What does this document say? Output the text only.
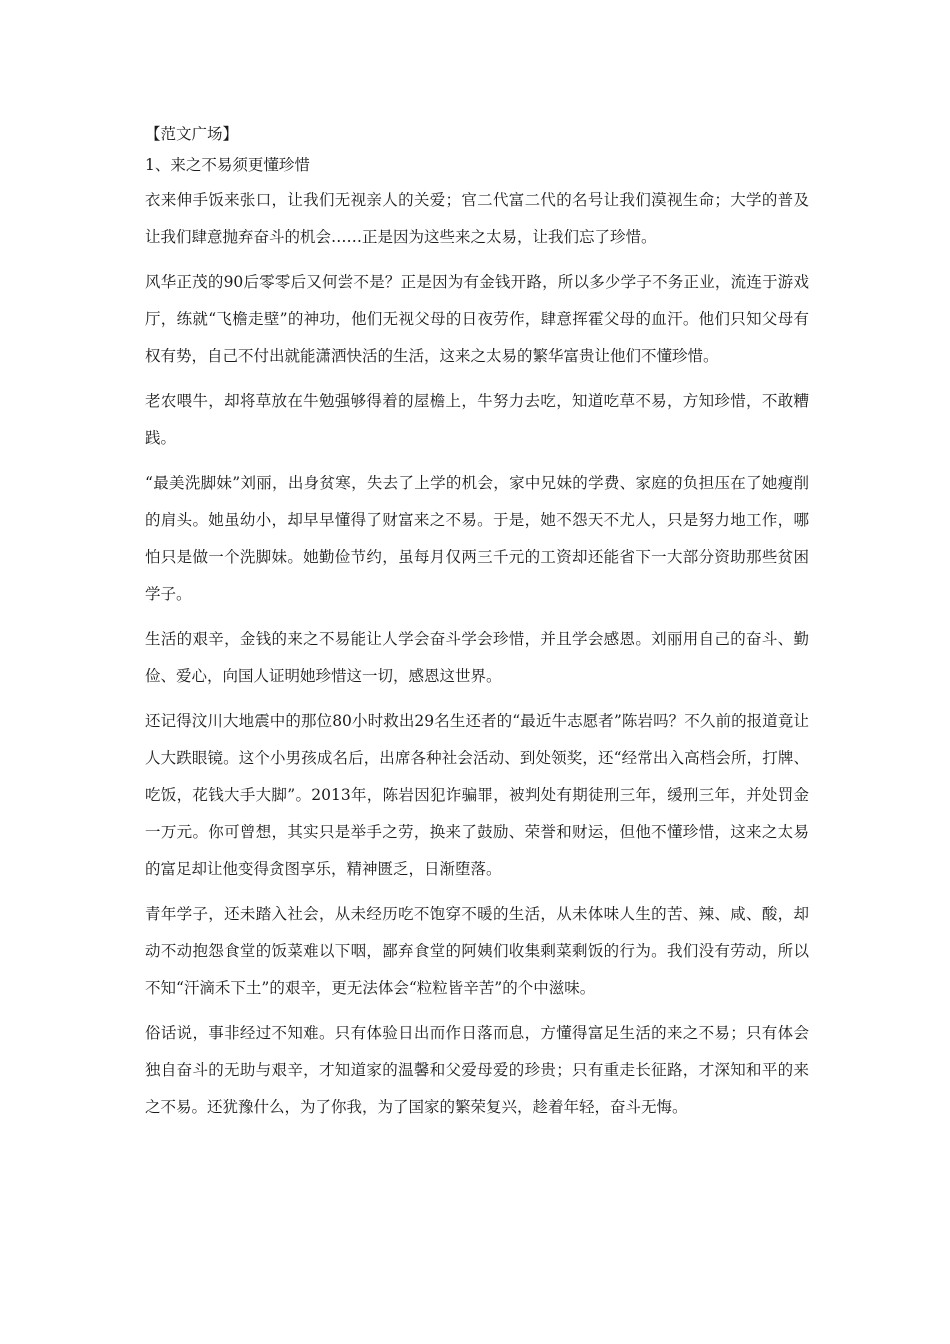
【范文广场】

1、来之不易须更懂珍惜

衣来伸手饭来张口，让我们无视亲人的关爱；官二代富二代的名号让我们漠视生命；大学的普及让我们肆意抛弃奋斗的机会……正是因为这些来之太易，让我们忘了珍惜。

风华正茂的90后零零后又何尝不是？正是因为有金钱开路，所以多少学子不务正业，流连于游戏厅，练就“飞檐走壁”的神功，他们无视父母的日夜劳作，肆意挥霍父母的血汗。他们只知父母有权有势，自己不付出就能潇洒快活的生活，这来之太易的繁华富贵让他们不懂珍惜。

老农喂牛，却将草放在牛勉强够得着的屋檐上，牛努力去吃，知道吃草不易，方知珍惜，不敢糟践。

“最美洗脚妹”刘丽，出身贫寒，失去了上学的机会，家中兄妹的学费、家庭的负担压在了她瘦削的肩头。她虽幼小，却早早懂得了财富来之不易。于是，她不怨天不尤人，只是努力地工作，哪怕只是做一个洗脚妹。她勤俭节约，虽每月仅两三千元的工资却还能省下一大部分资助那些贫困学子。

生活的艰辛，金钱的来之不易能让人学会奋斗学会珍惜，并且学会感恩。刘丽用自己的奋斗、勤俭、爱心，向国人证明她珍惜这一切，感恩这世界。

还记得汶川大地震中的那位80小时救出29名生还者的“最近牛志愿者”陈岩吗？不久前的报道竟让人大跌眼镜。这个小男孩成名后，出席各种社会活动、到处领奖，还“经常出入高档会所，打牌、吃饭，花钱大手大脚”。2013年，陈岩因犯诈骗罪，被判处有期徒刑三年，缓刑三年，并处罚金一万元。你可曾想，其实只是举手之劳，换来了鼓励、荣誉和财运，但他不懂珍惜，这来之太易的富足却让他变得贪图享乐，精神匮乏，日渐堕落。

青年学子，还未踏入社会，从未经历吃不饱穿不暖的生活，从未体味人生的苦、辣、咸、酸，却动不动抱怨食堂的饭菜难以下咽，鄙弃食堂的阿姨们收集剩菜剩饭的行为。我们没有劳动，所以不知“汗滴禾下土”的艰辛，更无法体会“粒粒皆辛苦”的个中滋味。

俗话说，事非经过不知难。只有体验日出而作日落而息，方懂得富足生活的来之不易；只有体会独自奋斗的无助与艰辛，才知道家的温馨和父爱母爱的珍贵；只有重走长征路，才深知和平的来之不易。还犹豫什么，为了你我，为了国家的繁荣复兴，趁着年轻，奋斗无悔。
